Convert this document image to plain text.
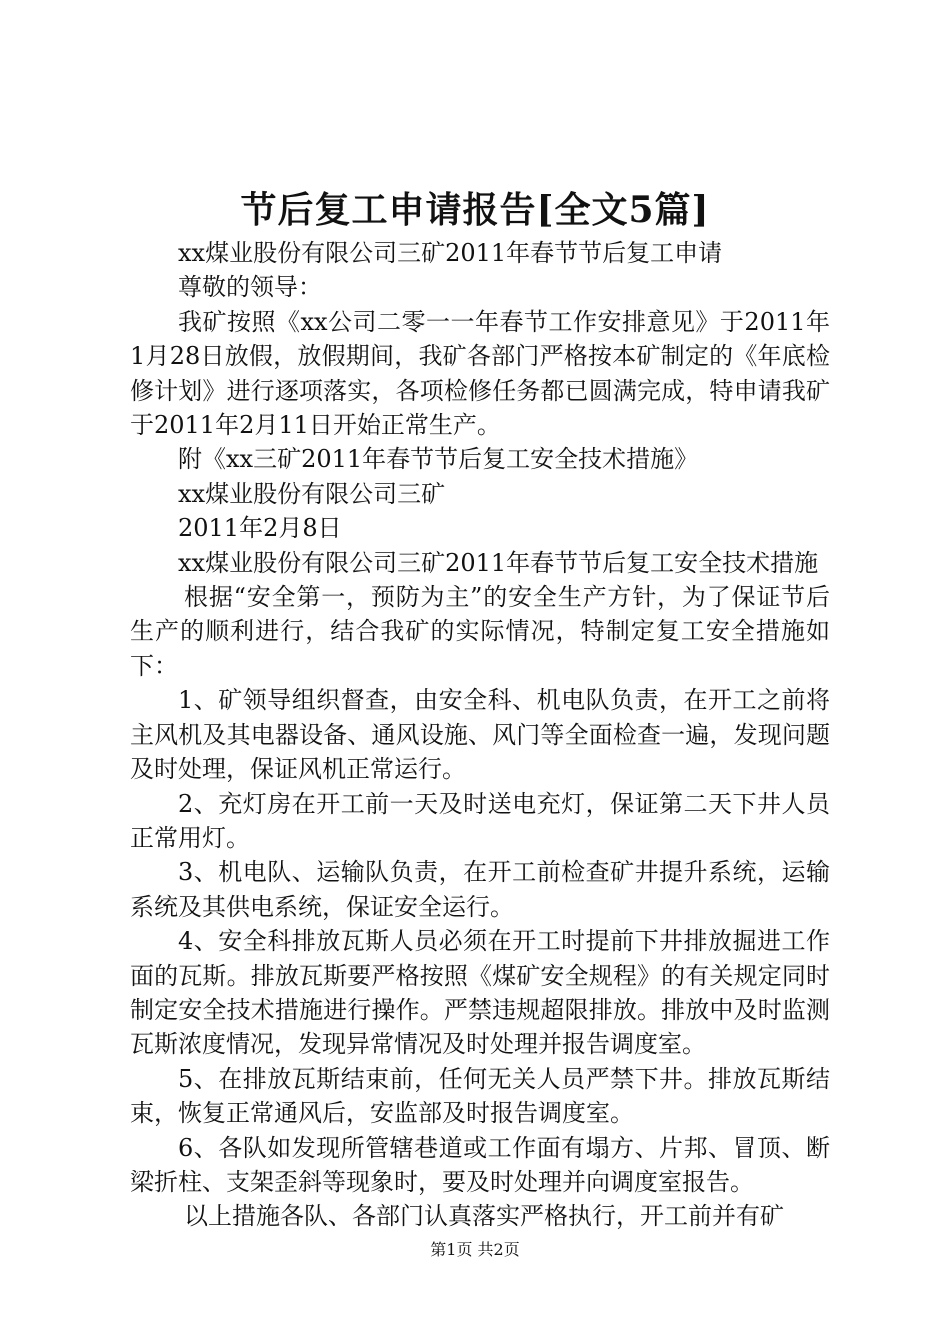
节后复工申请报告[全文5篇]

xx煤业股份有限公司三矿2011年春节节后复工申请

尊敬的领导：

我矿按照《xx公司二零一一年春节工作安排意见》于2011年1月28日放假，放假期间，我矿各部门严格按本矿制定的《年底检修计划》进行逐项落实，各项检修任务都已圆满完成，特申请我矿于2011年2月11日开始正常生产。

附《xx三矿2011年春节节后复工安全技术措施》

xx煤业股份有限公司三矿

2011年2月8日

xx煤业股份有限公司三矿2011年春节节后复工安全技术措施

根据“安全第一，预防为主”的安全生产方针，为了保证节后生产的顺利进行，结合我矿的实际情况，特制定复工安全措施如下：

1、矿领导组织督查，由安全科、机电队负责，在开工之前将主风机及其电器设备、通风设施、风门等全面检查一遍，发现问题及时处理，保证风机正常运行。

2、充灯房在开工前一天及时送电充灯，保证第二天下井人员正常用灯。

3、机电队、运输队负责，在开工前检查矿井提升系统，运输系统及其供电系统，保证安全运行。

4、安全科排放瓦斯人员必须在开工时提前下井排放掘进工作面的瓦斯。排放瓦斯要严格按照《煤矿安全规程》的有关规定同时制定安全技术措施进行操作。严禁违规超限排放。排放中及时监测瓦斯浓度情况，发现异常情况及时处理并报告调度室。

5、在排放瓦斯结束前，任何无关人员严禁下井。排放瓦斯结束，恢复正常通风后，安监部及时报告调度室。

6、各队如发现所管辖巷道或工作面有塌方、片邦、冒顶、断梁折柱、支架歪斜等现象时，要及时处理并向调度室报告。

以上措施各队、各部门认真落实严格执行，开工前并有矿

第1页 共2页
